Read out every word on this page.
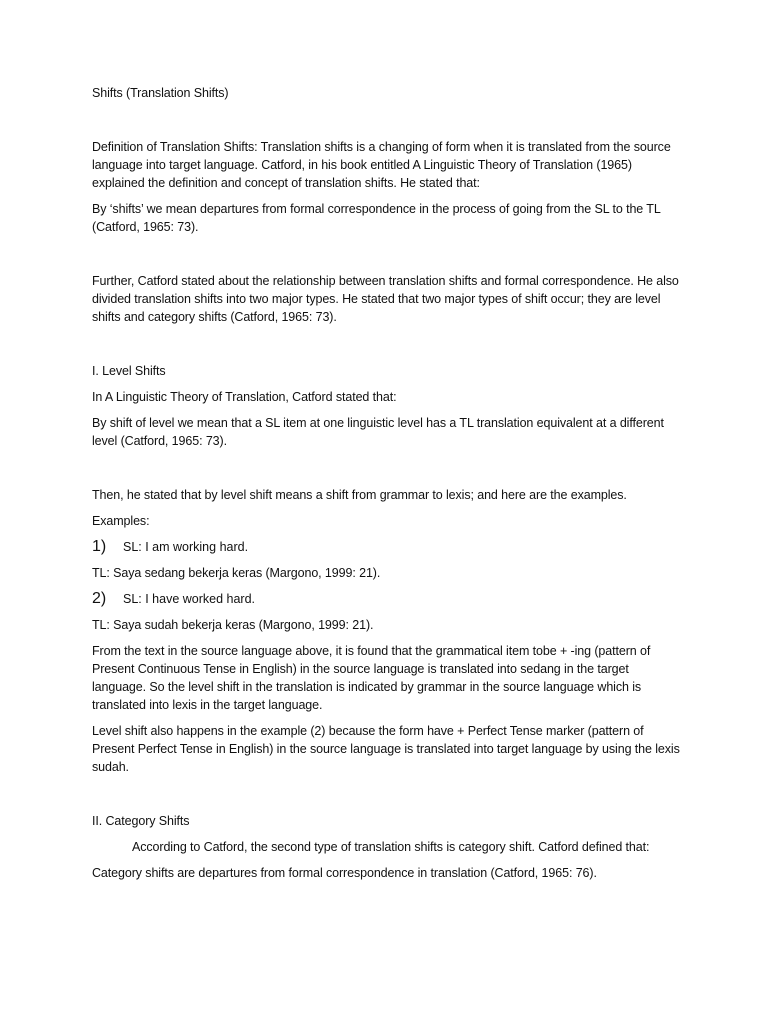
Shifts (Translation Shifts)

Definition of Translation Shifts: Translation shifts is a changing of form when it is translated from the source language into target language. Catford, in his book entitled A Linguistic Theory of Translation (1965) explained the definition and concept of translation shifts. He stated that:

By ‘shifts’ we mean departures from formal correspondence in the process of going from the SL to the TL (Catford, 1965: 73).

Further, Catford stated about the relationship between translation shifts and formal correspondence. He also divided translation shifts into two major types. He stated that two major types of shift occur; they are level shifts and category shifts (Catford, 1965: 73).

I. Level Shifts

In A Linguistic Theory of Translation, Catford stated that:

By shift of level we mean that a SL item at one linguistic level has a TL translation equivalent at a different level (Catford, 1965: 73).

Then, he stated that by level shift means a shift from grammar to lexis; and here are the examples.

Examples:

1)	SL: I am working hard.

TL: Saya sedang bekerja keras (Margono, 1999: 21).

2)	SL: I have worked hard.

TL: Saya sudah bekerja keras (Margono, 1999: 21).

From the text in the source language above, it is found that the grammatical item tobe + -ing (pattern of Present Continuous Tense in English) in the source language is translated into sedang in the target language. So the level shift in the translation is indicated by grammar in the source language which is translated into lexis in the target language.

Level shift also happens in the example (2) because the form have + Perfect Tense marker (pattern of Present Perfect Tense in English) in the source language is translated into target language by using the lexis sudah.

II. Category Shifts

According to Catford, the second type of translation shifts is category shift. Catford defined that:

Category shifts are departures from formal correspondence in translation (Catford, 1965: 76).
